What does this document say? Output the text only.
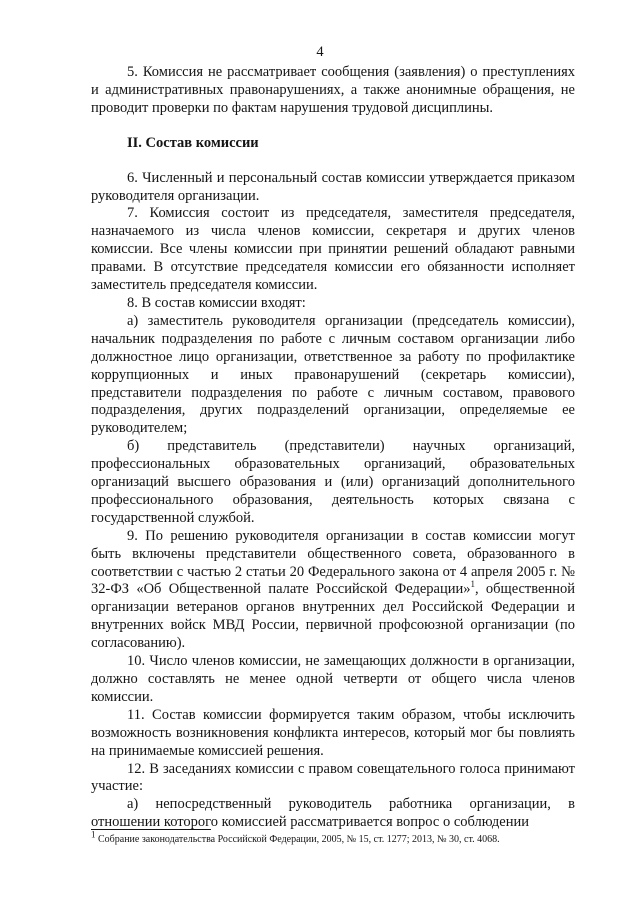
4

5. Комиссия не рассматривает сообщения (заявления) о преступлениях и административных правонарушениях, а также анонимные обращения, не проводит проверки по фактам нарушения трудовой дисциплины.

II. Состав комиссии

6. Численный и персональный состав комиссии утверждается приказом руководителя организации.

7. Комиссия состоит из председателя, заместителя председателя, назначаемого из числа членов комиссии, секретаря и других членов комиссии. Все члены комиссии при принятии решений обладают равными правами. В отсутствие председателя комиссии его обязанности исполняет заместитель председателя комиссии.

8. В состав комиссии входят:

а) заместитель руководителя организации (председатель комиссии), начальник подразделения по работе с личным составом организации либо должностное лицо организации, ответственное за работу по профилактике коррупционных и иных правонарушений (секретарь комиссии), представители подразделения по работе с личным составом, правового подразделения, других подразделений организации, определяемые ее руководителем;

б) представитель (представители) научных организаций, профессиональных образовательных организаций, образовательных организаций высшего образования и (или) организаций дополнительного профессионального образования, деятельность которых связана с государственной службой.

9. По решению руководителя организации в состав комиссии могут быть включены представители общественного совета, образованного в соответствии с частью 2 статьи 20 Федерального закона от 4 апреля 2005 г. № 32-ФЗ «Об Общественной палате Российской Федерации»$^1$, общественной организации ветеранов органов внутренних дел Российской Федерации и внутренних войск МВД России, первичной профсоюзной организации (по согласованию).

10. Число членов комиссии, не замещающих должности в организации, должно составлять не менее одной четверти от общего числа членов комиссии.

11. Состав комиссии формируется таким образом, чтобы исключить возможность возникновения конфликта интересов, который мог бы повлиять на принимаемые комиссией решения.

12. В заседаниях комиссии с правом совещательного голоса принимают участие:

а) непосредственный руководитель работника организации, в отношении которого комиссией рассматривается вопрос о соблюдении

$^1$ Собрание законодательства Российской Федерации, 2005, № 15, ст. 1277; 2013, № 30, ст. 4068.
